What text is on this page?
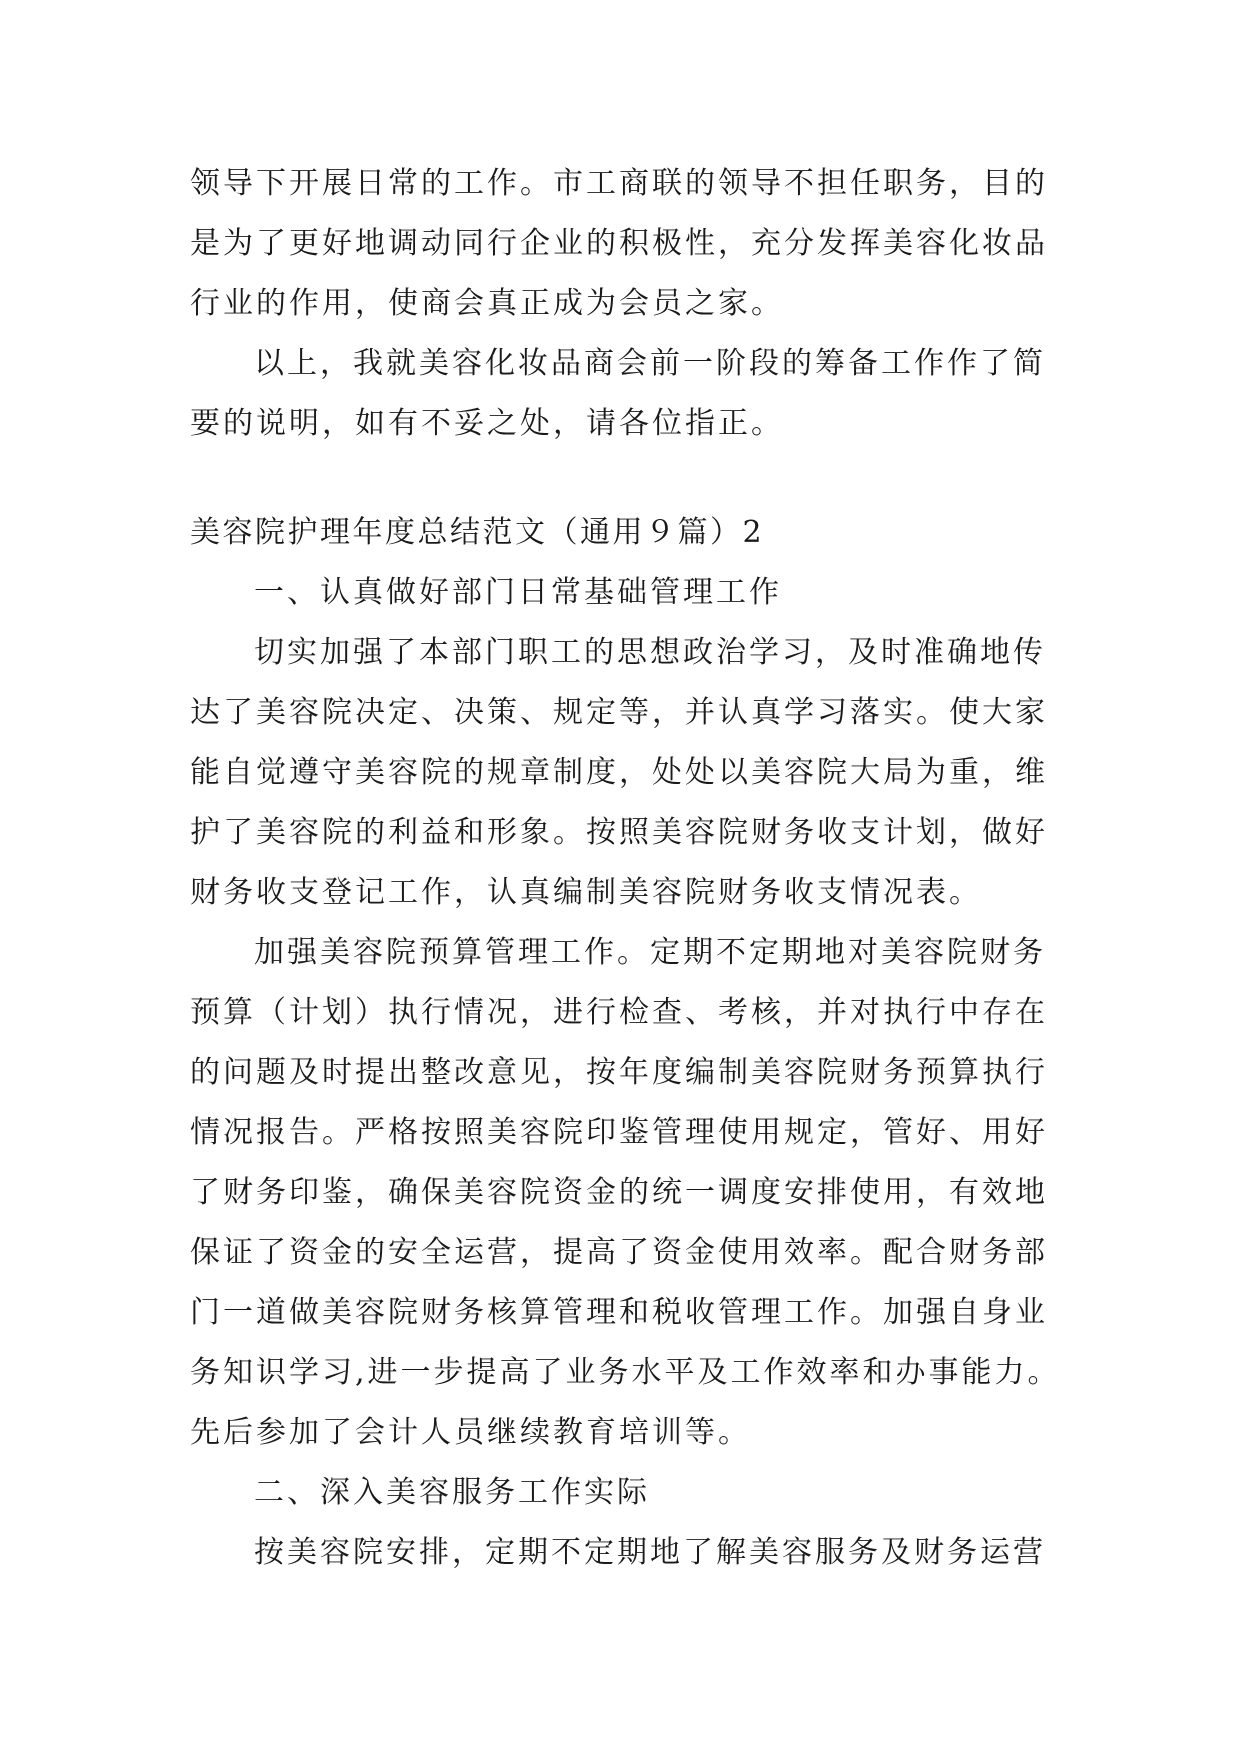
领导下开展日常的工作。市工商联的领导不担任职务，目的
是为了更好地调动同行企业的积极性，充分发挥美容化妆品
行业的作用，使商会真正成为会员之家。
以上，我就美容化妆品商会前一阶段的筹备工作作了简
要的说明，如有不妥之处，请各位指正。
美容院护理年度总结范文（通用９篇）2
一、认真做好部门日常基础管理工作
切实加强了本部门职工的思想政治学习，及时准确地传
达了美容院决定、决策、规定等，并认真学习落实。使大家
能自觉遵守美容院的规章制度，处处以美容院大局为重，维
护了美容院的利益和形象。按照美容院财务收支计划，做好
财务收支登记工作，认真编制美容院财务收支情况表。
加强美容院预算管理工作。定期不定期地对美容院财务
预算（计划）执行情况，进行检查、考核，并对执行中存在
的问题及时提出整改意见，按年度编制美容院财务预算执行
情况报告。严格按照美容院印鉴管理使用规定，管好、用好
了财务印鉴，确保美容院资金的统一调度安排使用，有效地
保证了资金的安全运营，提高了资金使用效率。配合财务部
门一道做美容院财务核算管理和税收管理工作。加强自身业
务知识学习,进一步提高了业务水平及工作效率和办事能力。
先后参加了会计人员继续教育培训等。
二、深入美容服务工作实际
按美容院安排，定期不定期地了解美容服务及财务运营
